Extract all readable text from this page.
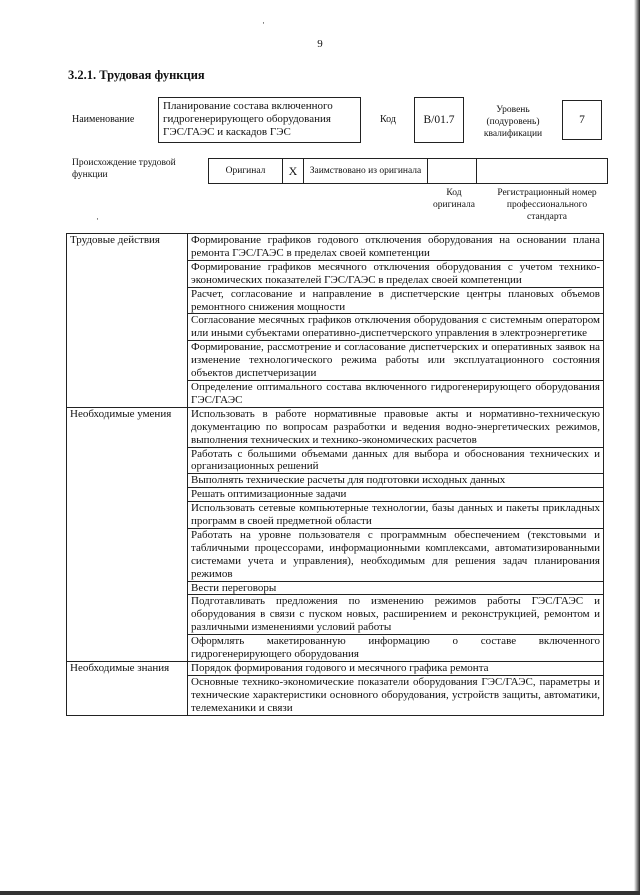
9
3.2.1. Трудовая функция
Наименование
Планирование состава включенного гидрогенерирующего оборудования ГЭС/ГАЭС и каскадов ГЭС
Код	B/01.7
Уровень (подуровень) квалификации
7
Происхождение трудовой функции	Оригинал	X	Заимствовано из оригинала
Код оригинала
Регистрационный номер профессионального стандарта
·
·
Трудовые действия	Формирование графиков годового отключения оборудования на основании плана ремонта ГЭС/ГАЭС в пределах своей компетенции
	Формирование графиков месячного отключения оборудования с учетом технико-экономических показателей ГЭС/ГАЭС в пределах своей компетенции
	Расчет, согласование и направление в диспетчерские центры плановых объемов ремонтного снижения мощности
	Согласование месячных графиков отключения оборудования с системным оператором или иными субъектами оперативно-диспетчерского управления в электроэнергетике
	Формирование, рассмотрение и согласование диспетчерских и оперативных заявок на изменение технологического режима работы или эксплуатационного состояния объектов диспетчеризации
	Определение оптимального состава включенного гидрогенерирующего оборудования ГЭС/ГАЭС
Необходимые умения	Использовать в работе нормативные правовые акты и нормативно-техническую документацию по вопросам разработки и ведения водно-энергетических режимов, выполнения технических и технико-экономических расчетов
	Работать с большими объемами данных для выбора и обоснования технических и организационных решений
	Выполнять технические расчеты для подготовки исходных данных
	Решать оптимизационные задачи
	Использовать сетевые компьютерные технологии, базы данных и пакеты прикладных программ в своей предметной области
	Работать на уровне пользователя с программным обеспечением (текстовыми и табличными процессорами, информационными комплексами, автоматизированными системами учета и управления), необходимым для решения задач планирования режимов
	Вести переговоры
	Подготавливать предложения по изменению режимов работы ГЭС/ГАЭС и оборудования в связи с пуском новых, расширением и реконструкцией, ремонтом и различными изменениями условий работы
	Оформлять макетированную информацию о составе включенного гидрогенерирующего оборудования
Необходимые знания	Порядок формирования годового и месячного графика ремонта
	Основные технико-экономические показатели оборудования ГЭС/ГАЭС, параметры и технические характеристики основного оборудования, устройств защиты, автоматики, телемеханики и связи
